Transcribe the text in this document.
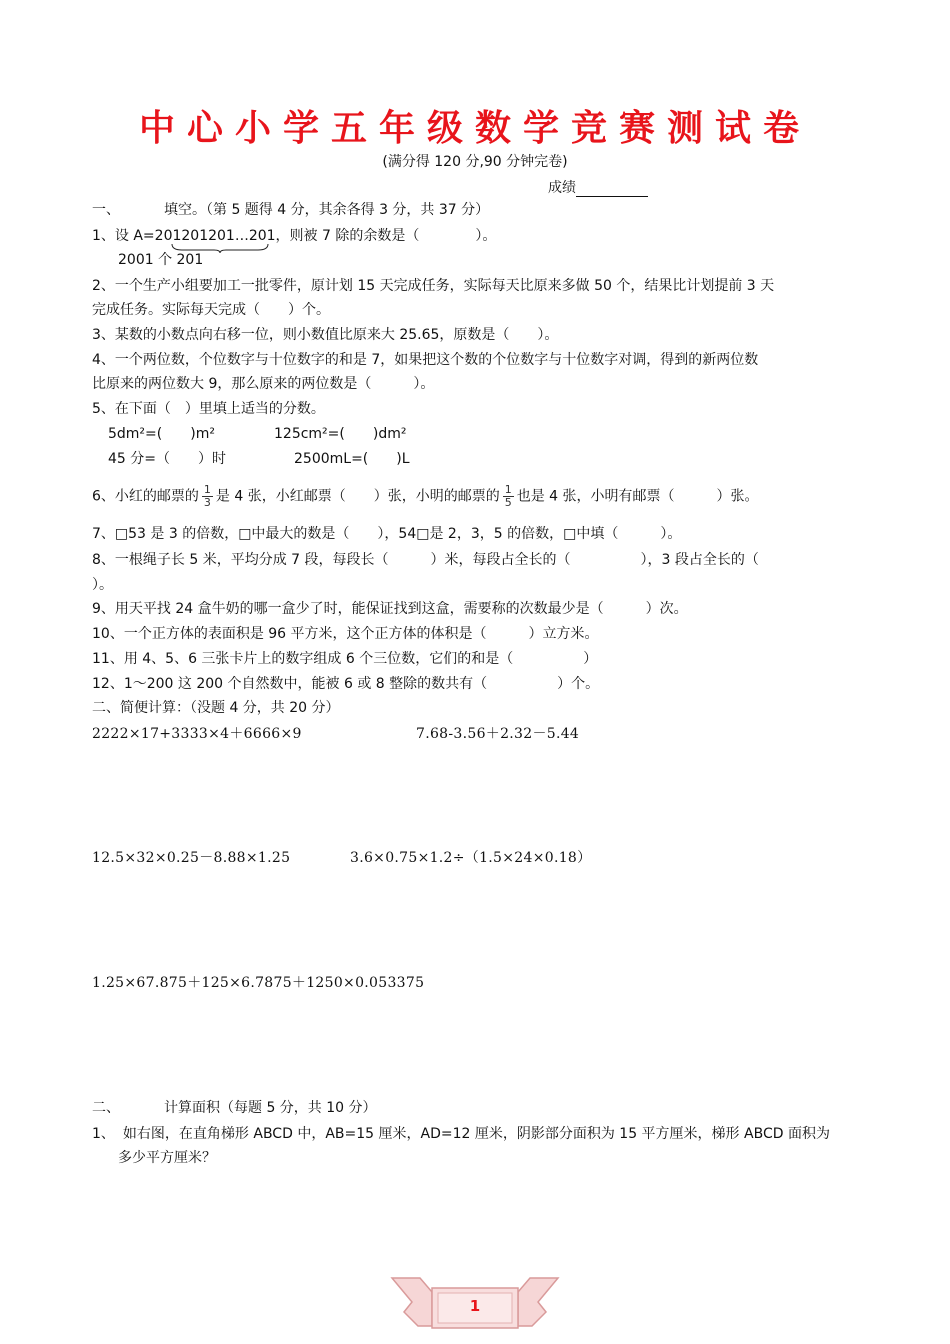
中心小学五年级数学竞赛测试卷
(满分得 120 分,90 分钟完卷)
成绩
一、	填空。（第 5 题得 4 分，其余各得 3 分，共 37 分）
1、设 A=201201201…201，则被 7 除的余数是（　　　　）。
2001 个 201
2、一个生产小组要加工一批零件，原计划 15 天完成任务，实际每天比原来多做 50 个，结果比计划提前 3 天
完成任务。实际每天完成（　　）个。
3、某数的小数点向右移一位，则小数值比原来大 25.65，原数是（　　）。
4、一个两位数，个位数字与十位数字的和是 7，如果把这个数的个位数字与十位数字对调，得到的新两位数
比原来的两位数大 9，那么原来的两位数是（　　　）。
5、在下面（　）里填上适当的分数。
5dm²=(　　)m²	125cm²=(　　)dm²
45 分=（　　）时	2500mL=(　　)L
6、小红的邮票的 $\frac{1}{3}$ 是 4 张，小红邮票（　　）张，小明的邮票的 $\frac{1}{5}$ 也是 4 张，小明有邮票（　　　）张。
7、□53 是 3 的倍数，□中最大的数是（　　），54□是 2，3，5 的倍数，□中填（　　　）。
8、一根绳子长 5 米，平均分成 7 段，每段长（　　　）米，每段占全长的（　　　　　），3 段占全长的（
）。
9、用天平找 24 盒牛奶的哪一盒少了时，能保证找到这盒，需要称的次数最少是（　　　）次。
10、一个正方体的表面积是 96 平方米，这个正方体的体积是（　　　）立方米。
11、用 4、5、6 三张卡片上的数字组成 6 个三位数，它们的和是（　　　　　）
12、1～200 这 200 个自然数中，能被 6 或 8 整除的数共有（　　　　　）个。
二、简便计算：（没题 4 分，共 20 分）
2222×17+3333×4＋6666×9	7.68-3.56＋2.32－5.44
12.5×32×0.25－8.88×1.25	3.6×0.75×1.2÷（1.5×24×0.18）
1.25×67.875＋125×6.7875＋1250×0.053375
二、	计算面积（每题 5 分，共 10 分）
1、 如右图，在直角梯形 ABCD 中，AB=15 厘米，AD=12 厘米，阴影部分面积为 15 平方厘米，梯形 ABCD 面积为
多少平方厘米？
1
